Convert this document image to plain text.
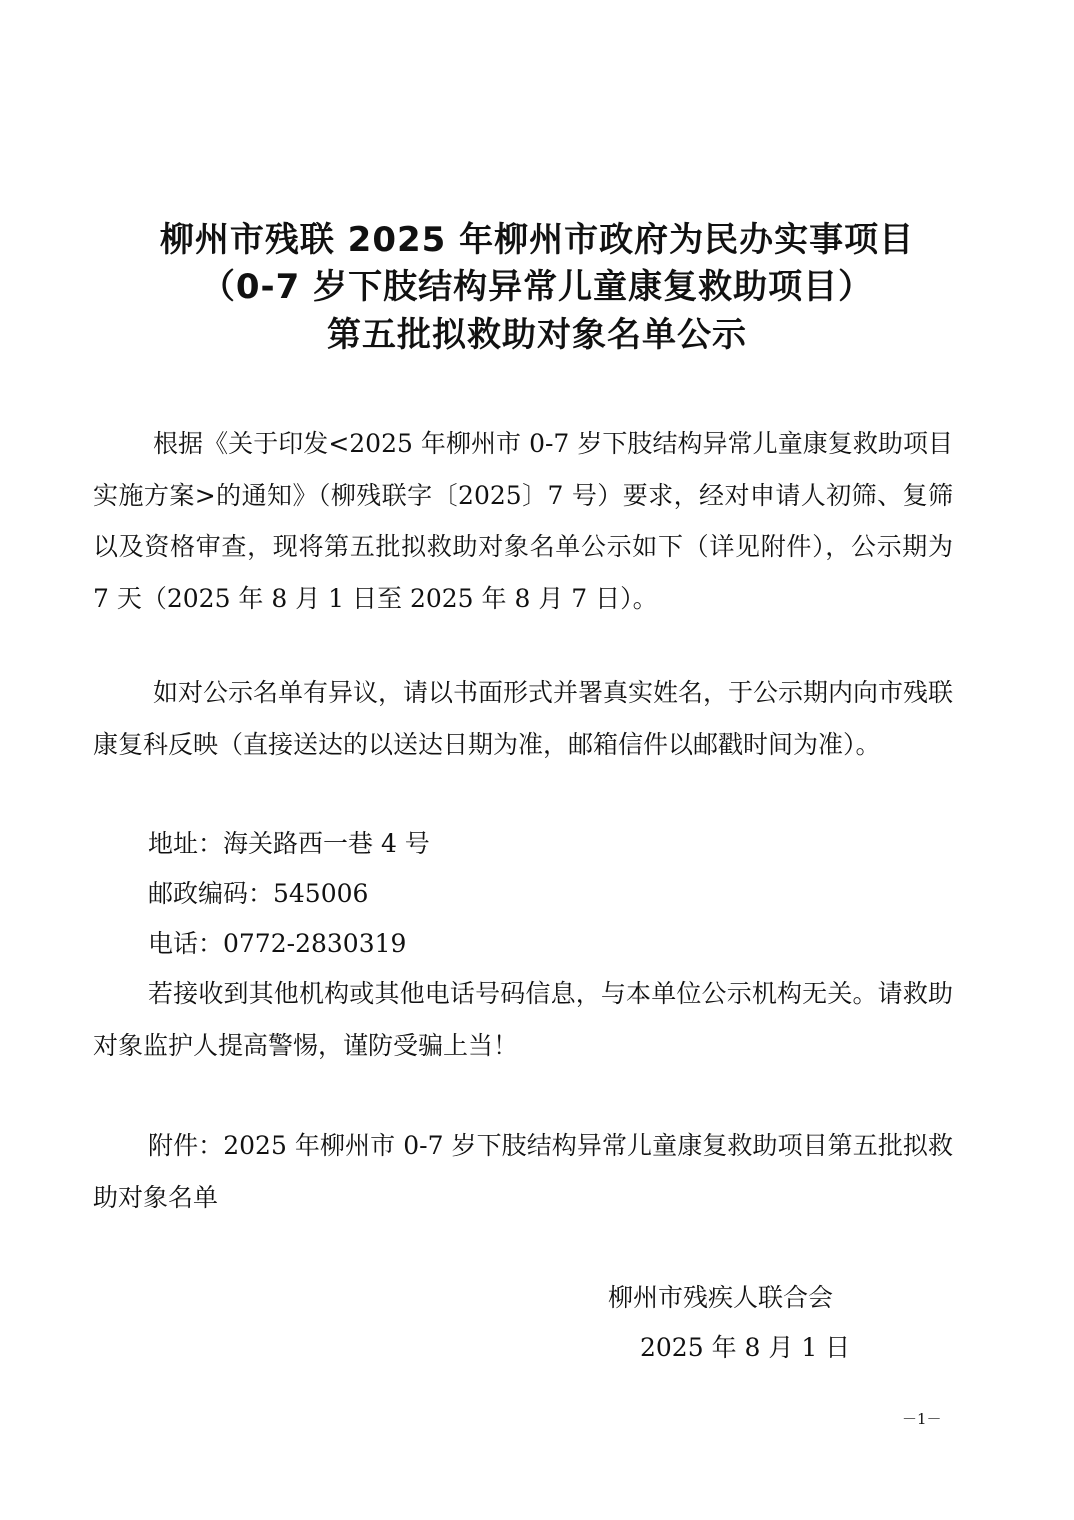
柳州市残联 2025 年柳州市政府为民办实事项目
（0-7 岁下肢结构异常儿童康复救助项目）
第五批拟救助对象名单公示
根据《关于印发<2025 年柳州市 0-7 岁下肢结构异常儿童康复救助项目实施方案>的通知》（柳残联字〔2025〕7 号）要求，经对申请人初筛、复筛以及资格审查，现将第五批拟救助对象名单公示如下（详见附件），公示期为 7 天（2025 年 8 月 1 日至 2025 年 8 月 7 日）。
如对公示名单有异议，请以书面形式并署真实姓名，于公示期内向市残联康复科反映（直接送达的以送达日期为准，邮箱信件以邮戳时间为准）。
地址：海关路西一巷 4 号
邮政编码：545006
电话：0772-2830319
若接收到其他机构或其他电话号码信息，与本单位公示机构无关。请救助对象监护人提高警惕，谨防受骗上当！
附件：2025 年柳州市 0-7 岁下肢结构异常儿童康复救助项目第五批拟救助对象名单
柳州市残疾人联合会
2025 年 8 月 1 日
－1－
